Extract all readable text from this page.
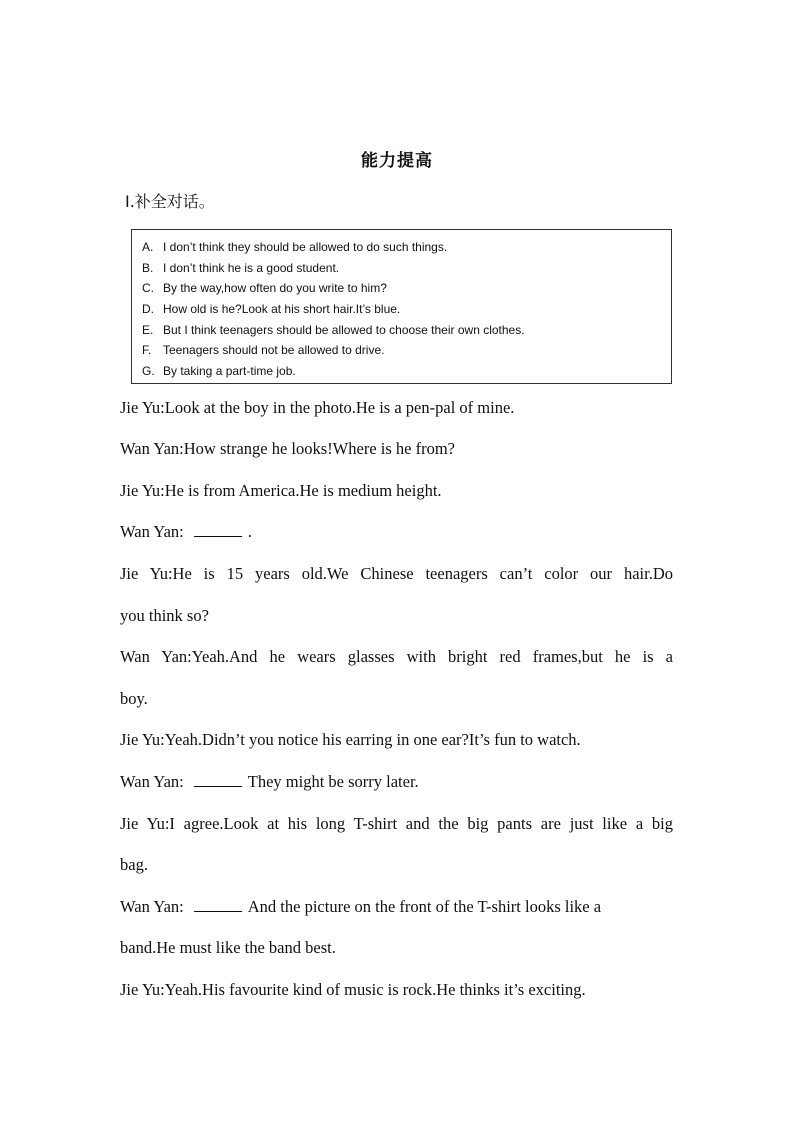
能力提高
Ⅰ.补全对话。
A. I don’t think they should be allowed to do such things.
B. I don’t think he is a good student.
C. By the way,how often do you write to him?
D. How old is he?Look at his short hair.It’s blue.
E. But I think teenagers should be allowed to choose their own clothes.
F. Teenagers should not be allowed to drive.
G. By taking a part-time job.
Jie Yu:Look at the boy in the photo.He is a pen-pal of mine.
Wan Yan:How strange he looks!Where is he from?
Jie Yu:He is from America.He is medium height.
Wan Yan:	.
Jie Yu:He is 15 years old.We Chinese teenagers can’t color our hair.Do
you think so?
Wan Yan:Yeah.And he wears glasses with bright red frames,but he is a
boy.
Jie Yu:Yeah.Didn’t you notice his earring in one ear?It’s fun to watch.
Wan Yan:	They might be sorry later.
Jie Yu:I agree.Look at his long T-shirt and the big pants are just like a big
bag.
Wan Yan:	And the picture on the front of the T-shirt looks like a
band.He must like the band best.
Jie Yu:Yeah.His favourite kind of music is rock.He thinks it’s exciting.
